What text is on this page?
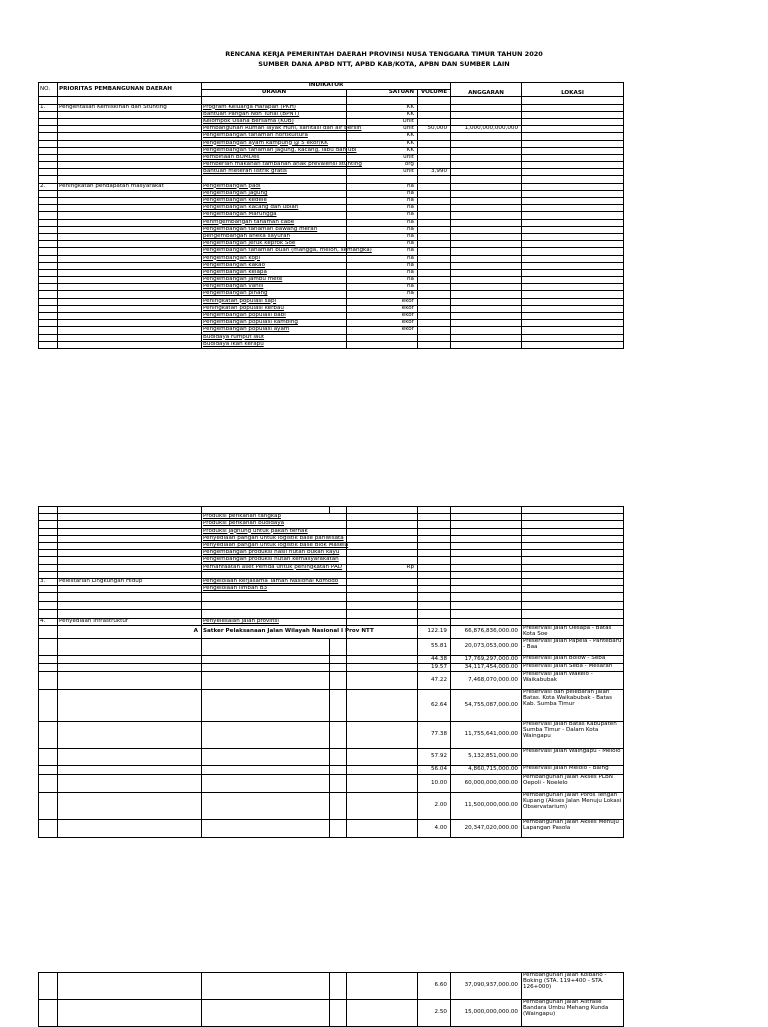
RENCANA KERJA PEMERINTAH DAERAH PROVINSI NUSA TENGGARA TIMUR TAHUN 2020
SUMBER DANA APBD NTT, APBD KAB/KOTA, APBN DAN SUMBER LAIN
NO.	PRIORITAS PEMBANGUNAN DAERAH	INDIKATOR			ANGGARAN	LOKASI
		URAIAN	SATUAN	VOLUME		

1.	Pengentasan Kemiskinan dan Stunting	Program Keluarga Harapan (PKH)	KK			
		Bantuan Pangan Non Tunai (BPNT)	KK			
		Kelompok Usaha Bersama (KUB)	Unit			
		Pembangunan Rumah layak Huni, sanitasi dan air bersih	unit	50,000	1,000,000,000,000	
		Pengembangan tanaman hortikultura	KK			
		Pengembangan ayam kampung @ 5 ekor/KK	KK			
		Pengembangan tanaman jagung, kacang, labu dan ubi	KK			
		Pembinaan BUMDes	unit			
		Pemberian makanan tambahan anak prevalensi stunting	org			
		Bantuan meteran listrik gratis	unit	3,990		

2.	Peningkatan pendapatan masyarakat	Pengembangan padi	ha			
		Pengembangan jagung	ha			
		Pengembangan kedele	ha			
		Pengembangan kacang dan ubian	ha			
		Pengembangan Marungga	ha			
		Penmgembangan tanaman cabe	ha			
		Pengembangan tanaman bawang merah	ha			
		pengembangan aneka sayuran	ha			
		Pengembangan jeruk keprok Soe	ha			
		Pengembangan tanaman buah (mangga, melon, semangka)	ha			
		Pengembangan kopi	ha			
		Pengembangan kakao	ha			
		Pengembangan kelapa	ha			
		Pengembangan jambu mete	ha			
		Pengembangan vanili	ha			
		Pengembangan pinang	ha			
		Peningkatan populasi sapi	ekor			
		Peningkatan populasi kerbau	ekor			
		Pengembangan populasi babi	ekor			
		Pengembangan populasi kambing	ekor			
		Pengembangan populasi ayam	ekor			
		Budidaya rumput laut				
		Budidaya ikan kerapu				

		Produksi perikanan tangkap					
		Produksi perikanan budidaya					
		Produksi jaghung untuk pakan ternak					
		Penyediaan pangan untuk logistik base pariwisata					
		Penyediaan pangan untuk logistik base Blok Masela					
		Pengembangan produksi hasil hutan bukan kayu					
		Pengembangan produksi hutan kemasyarakatan					
		Pemanfaatan aset Pemda untuk peningkatan PAD		Rp			

3.	Pelestarian Lingkungan Hidup	Pengelolaan kerjasama Taman Nasional Komodo					
		Pengelolaan limbah B3					

4.	Penyediaan infrastruktur	Penyelesaian jalan provinsi					
	A	Satker Pelaksanaan Jalan Wilayah Nasional I Prov NTT			122.19	66,876,836,000.00	Preservasi Jalan Oesapa - Batas Kota Soe
					55.81	20,073,053,000.00	Preservasi Jalan Papela - Pantebaru - Baa
					44.38	17,769,297,000.00	Preservasi Jalan Bolow - Seba
					19.57	34,117,454,000.00	Preservasi Jalan Seba - Mesarah
					47.22	7,468,070,000.00	Preservasi Jalan Wakelo - Waikabubak
					62.64	54,755,087,000.00	Preservasi dan pelebaran Jalan Batas. Kota Waikabubak - Batas Kab. Sumba Timur
					77.38	11,755,641,000.00	Preservasi Jalan Batas Kabupaten Sumba Timur - Dalam Kota Waingapu
					57.92	5,132,851,000.00	Preservasi Jalan Waingapu - Melolo
					56.04	4,860,715,000.00	Preservasi Jalan Melolo - Baing
					10.00	60,000,000,000.00	Pembangunan Jalan Akses PLBN Oepoli - Noelelo
					2.00	11,500,000,000.00	Pembangunan Jalan Poros Tengah Kupang (Akses Jalan Menuju Lokasi Observatarium)
					4.00	20,347,020,000.00	Pembangunan Jalan Akses Menuju Lapangan Pasola
					6.60	37,090,937,000.00	Pembangunan Jalan Kolbano - Boking (STA. 119+400 - STA. 126+000)
					2.50	15,000,000,000.00	Pembangunan Jalan Alitrase Bandara Umbu Mehang Kunda (Waingapu)
